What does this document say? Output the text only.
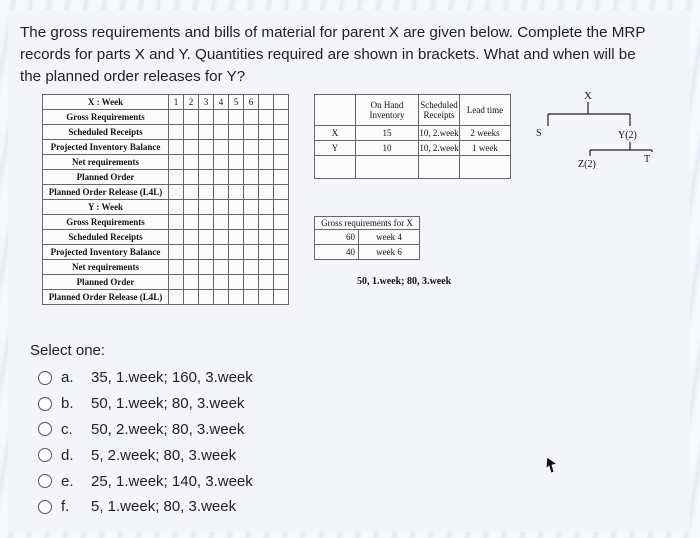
The gross requirements and bills of material for parent X are given below. Complete the MRP records for parts X and Y. Quantities required are shown in brackets. What and when will be the planned order releases for Y?
X : Week	1	2	3	4	5	6		
Gross Requirements								
Scheduled Receipts								
Projected Inventory Balance								
Net requirements								
Planned Order								
Planned Order Release (L4L)								
Y : Week								
Gross Requirements								
Scheduled Receipts								
Projected Inventory Balance								
Net requirements								
Planned Order								
Planned Order Release (L4L)								
	On Hand Inventory	Scheduled Receipts	Lead time
X	15	10, 2.week	2 weeks
Y	10	10, 2.week	1 week

Gross requirements for X	
60	week 4
40	week 6
50, 1.week; 80, 3.week
X
S	Y(2)
Z(2)	T
Select one:
a.	35, 1.week; 160, 3.week
b.	50, 1.week; 80, 3.week
c.	50, 2.week; 80, 3.week
d.	5, 2.week; 80, 3.week
e.	25, 1.week; 140, 3.week
f.	5, 1.week; 80, 3.week
